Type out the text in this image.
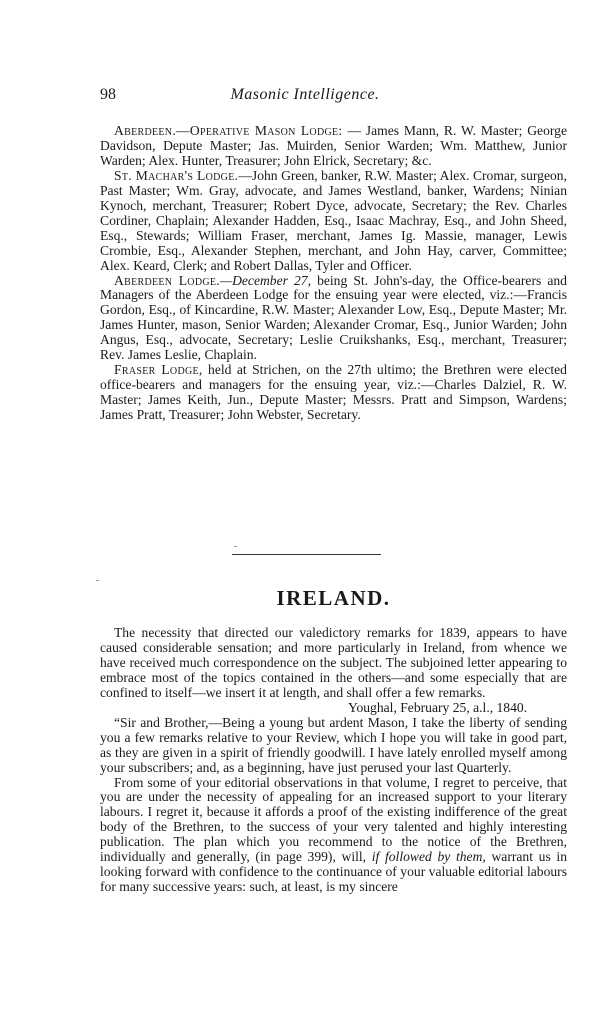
98	Masonic Intelligence.

Aberdeen.—Operative Mason Lodge: — James Mann, R. W. Master; George Davidson, Depute Master; Jas. Muirden, Senior Warden; Wm. Matthew, Junior Warden; Alex. Hunter, Treasurer; John Elrick, Secretary; &c.

St. Machar's Lodge.—John Green, banker, R.W. Master; Alex. Cromar, surgeon, Past Master; Wm. Gray, advocate, and James Westland, banker, Wardens; Ninian Kynoch, merchant, Treasurer; Robert Dyce, advocate, Secretary; the Rev. Charles Cordiner, Chaplain; Alexander Hadden, Esq., Isaac Machray, Esq., and John Sheed, Esq., Stewards; William Fraser, merchant, James Ig. Massie, manager, Lewis Crombie, Esq., Alexander Stephen, merchant, and John Hay, carver, Committee; Alex. Keard, Clerk; and Robert Dallas, Tyler and Officer.

Aberdeen Lodge.—December 27, being St. John's-day, the Office-bearers and Managers of the Aberdeen Lodge for the ensuing year were elected, viz.:—Francis Gordon, Esq., of Kincardine, R.W. Master; Alexander Low, Esq., Depute Master; Mr. James Hunter, mason, Senior Warden; Alexander Cromar, Esq., Junior Warden; John Angus, Esq., advocate, Secretary; Leslie Cruikshanks, Esq., merchant, Treasurer; Rev. James Leslie, Chaplain.

Fraser Lodge, held at Strichen, on the 27th ultimo; the Brethren were elected office-bearers and managers for the ensuing year, viz.:—Charles Dalziel, R. W. Master; James Keith, Jun., Depute Master; Messrs. Pratt and Simpson, Wardens; James Pratt, Treasurer; John Webster, Secretary.

IRELAND.

The necessity that directed our valedictory remarks for 1839, appears to have caused considerable sensation; and more particularly in Ireland, from whence we have received much correspondence on the subject. The subjoined letter appearing to embrace most of the topics contained in the others—and some especially that are confined to itself—we insert it at length, and shall offer a few remarks.

Youghal, February 25, a.l., 1840.

“Sir and Brother,—Being a young but ardent Mason, I take the liberty of sending you a few remarks relative to your Review, which I hope you will take in good part, as they are given in a spirit of friendly goodwill. I have lately enrolled myself among your subscribers; and, as a beginning, have just perused your last Quarterly.

From some of your editorial observations in that volume, I regret to perceive, that you are under the necessity of appealing for an increased support to your literary labours. I regret it, because it affords a proof of the existing indifference of the great body of the Brethren, to the success of your very talented and highly interesting publication. The plan which you recommend to the notice of the Brethren, individually and generally, (in page 399), will, if followed by them, warrant us in looking forward with confidence to the continuance of your valuable editorial labours for many successive years: such, at least, is my sincere
